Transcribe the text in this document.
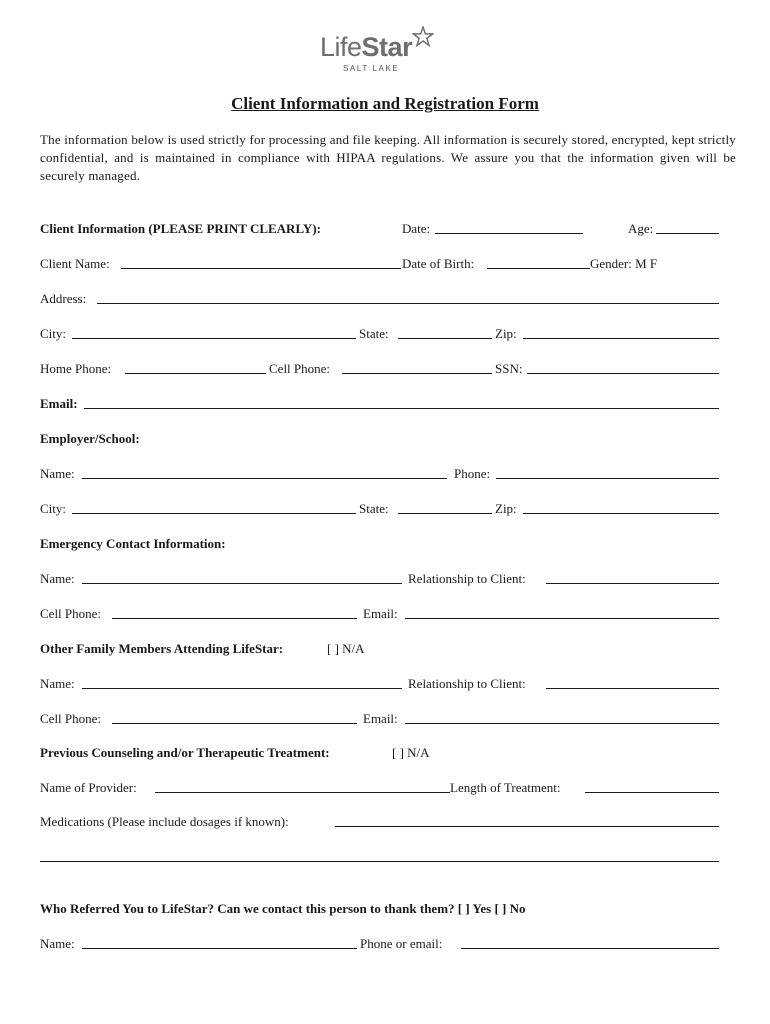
LifeStar
SALT LAKE
Client Information and Registration Form
The information below is used strictly for processing and file keeping. All information is securely stored, encrypted, kept strictly confidential, and is maintained in compliance with HIPAA regulations. We assure you that the information given will be securely managed.
Client Information (PLEASE PRINT CLEARLY):	Date:	Age:
Client Name:	Date of Birth:	Gender: M F
Address:
City:	State:	Zip:
Home Phone:	Cell Phone:	SSN:
Email:
Employer/School:
Name:	Phone:
City:	State:	Zip:
Emergency Contact Information:
Name:	Relationship to Client:
Cell Phone:	Email:
Other Family Members Attending LifeStar:	[ ] N/A
Name:	Relationship to Client:
Cell Phone:	Email:
Previous Counseling and/or Therapeutic Treatment:	[ ] N/A
Name of Provider:	Length of Treatment:
Medications (Please include dosages if known):
Who Referred You to LifeStar? Can we contact this person to thank them? [ ] Yes [ ] No
Name:	Phone or email:
